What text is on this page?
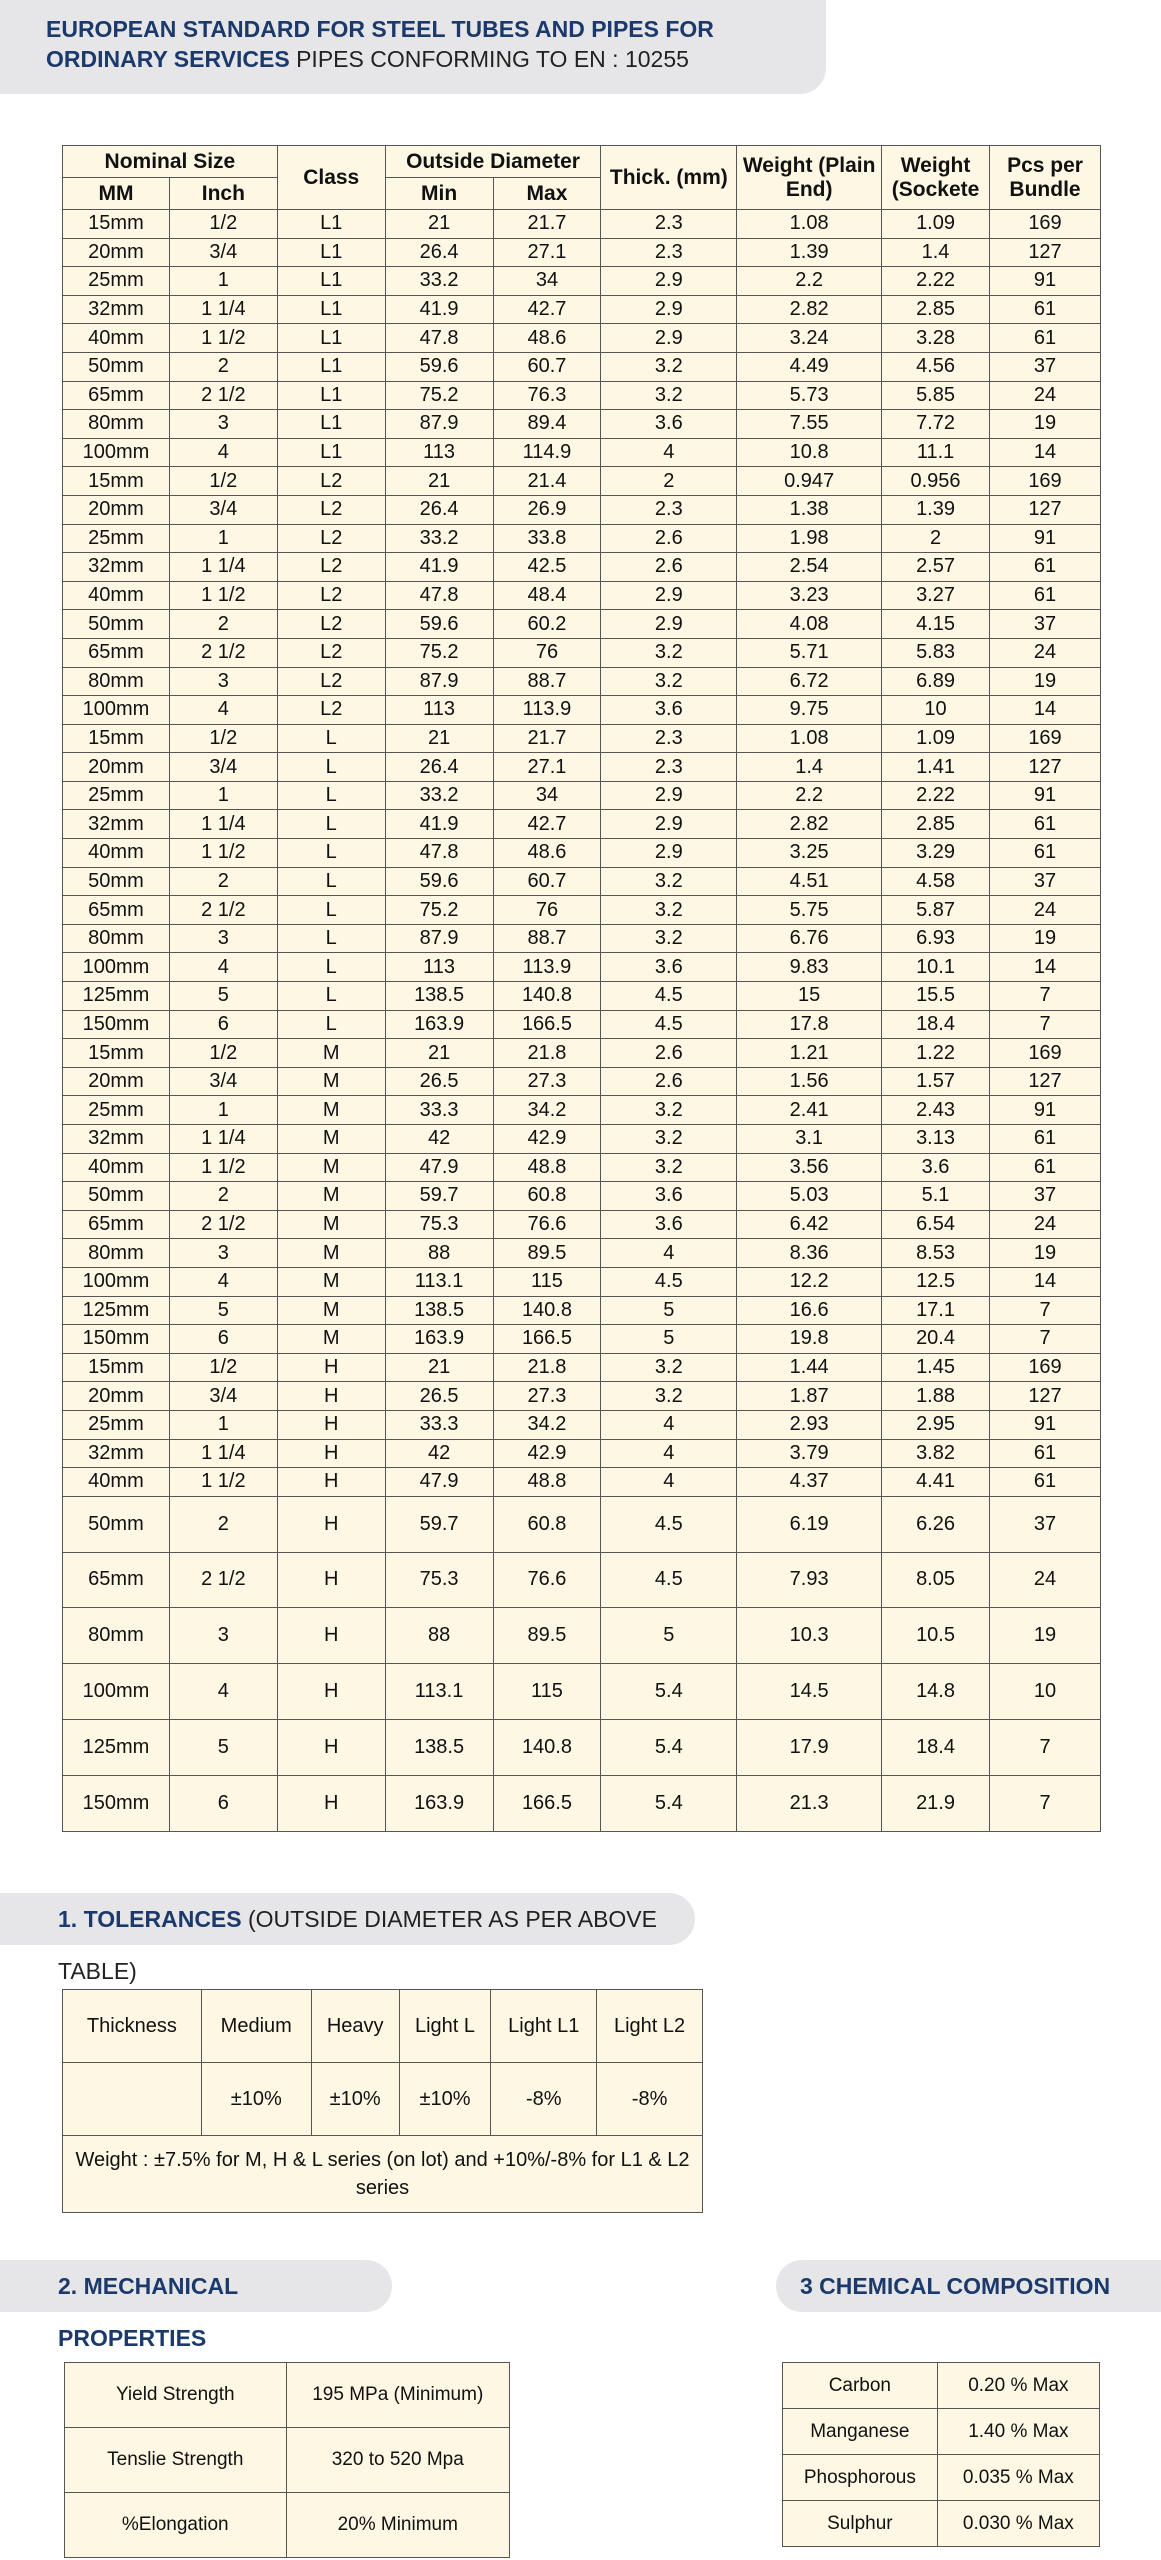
EUROPEAN STANDARD FOR STEEL TUBES AND PIPES FOR ORDINARY SERVICES PIPES CONFORMING TO EN : 10255
Nominal Size		Class	Outside Diameter		Thick. (mm)	Weight (Plain End)	Weight (Sockete	Pcs per Bundle
MM	Inch		Min	Max				
15mm	1/2	L1	21	21.7	2.3	1.08	1.09	169
20mm	3/4	L1	26.4	27.1	2.3	1.39	1.4	127
25mm	1	L1	33.2	34	2.9	2.2	2.22	91
32mm	1 1/4	L1	41.9	42.7	2.9	2.82	2.85	61
40mm	1 1/2	L1	47.8	48.6	2.9	3.24	3.28	61
50mm	2	L1	59.6	60.7	3.2	4.49	4.56	37
65mm	2 1/2	L1	75.2	76.3	3.2	5.73	5.85	24
80mm	3	L1	87.9	89.4	3.6	7.55	7.72	19
100mm	4	L1	113	114.9	4	10.8	11.1	14
15mm	1/2	L2	21	21.4	2	0.947	0.956	169
20mm	3/4	L2	26.4	26.9	2.3	1.38	1.39	127
25mm	1	L2	33.2	33.8	2.6	1.98	2	91
32mm	1 1/4	L2	41.9	42.5	2.6	2.54	2.57	61
40mm	1 1/2	L2	47.8	48.4	2.9	3.23	3.27	61
50mm	2	L2	59.6	60.2	2.9	4.08	4.15	37
65mm	2 1/2	L2	75.2	76	3.2	5.71	5.83	24
80mm	3	L2	87.9	88.7	3.2	6.72	6.89	19
100mm	4	L2	113	113.9	3.6	9.75	10	14
15mm	1/2	L	21	21.7	2.3	1.08	1.09	169
20mm	3/4	L	26.4	27.1	2.3	1.4	1.41	127
25mm	1	L	33.2	34	2.9	2.2	2.22	91
32mm	1 1/4	L	41.9	42.7	2.9	2.82	2.85	61
40mm	1 1/2	L	47.8	48.6	2.9	3.25	3.29	61
50mm	2	L	59.6	60.7	3.2	4.51	4.58	37
65mm	2 1/2	L	75.2	76	3.2	5.75	5.87	24
80mm	3	L	87.9	88.7	3.2	6.76	6.93	19
100mm	4	L	113	113.9	3.6	9.83	10.1	14
125mm	5	L	138.5	140.8	4.5	15	15.5	7
150mm	6	L	163.9	166.5	4.5	17.8	18.4	7
15mm	1/2	M	21	21.8	2.6	1.21	1.22	169
20mm	3/4	M	26.5	27.3	2.6	1.56	1.57	127
25mm	1	M	33.3	34.2	3.2	2.41	2.43	91
32mm	1 1/4	M	42	42.9	3.2	3.1	3.13	61
40mm	1 1/2	M	47.9	48.8	3.2	3.56	3.6	61
50mm	2	M	59.7	60.8	3.6	5.03	5.1	37
65mm	2 1/2	M	75.3	76.6	3.6	6.42	6.54	24
80mm	3	M	88	89.5	4	8.36	8.53	19
100mm	4	M	113.1	115	4.5	12.2	12.5	14
125mm	5	M	138.5	140.8	5	16.6	17.1	7
150mm	6	M	163.9	166.5	5	19.8	20.4	7
15mm	1/2	H	21	21.8	3.2	1.44	1.45	169
20mm	3/4	H	26.5	27.3	3.2	1.87	1.88	127
25mm	1	H	33.3	34.2	4	2.93	2.95	91
32mm	1 1/4	H	42	42.9	4	3.79	3.82	61
40mm	1 1/2	H	47.9	48.8	4	4.37	4.41	61
50mm	2	H	59.7	60.8	4.5	6.19	6.26	37
65mm	2 1/2	H	75.3	76.6	4.5	7.93	8.05	24
80mm	3	H	88	89.5	5	10.3	10.5	19
100mm	4	H	113.1	115	5.4	14.5	14.8	10
125mm	5	H	138.5	140.8	5.4	17.9	18.4	7
150mm	6	H	163.9	166.5	5.4	21.3	21.9	7
1. TOLERANCES (OUTSIDE DIAMETER AS PER ABOVE TABLE)
Thickness	Medium	Heavy	Light L	Light L1	Light L2
	±10%	±10%	±10%	-8%	-8%
Weight : ±7.5% for M, H & L series (on lot) and +10%/-8% for L1 & L2 series					
2. MECHANICAL PROPERTIES
Yield Strength	195 MPa (Minimum)
Tenslie Strength	320 to 520 Mpa
%Elongation	20% Minimum
3 CHEMICAL COMPOSITION
Carbon	0.20 % Max
Manganese	1.40 % Max
Phosphorous	0.035 % Max
Sulphur	0.030 % Max
